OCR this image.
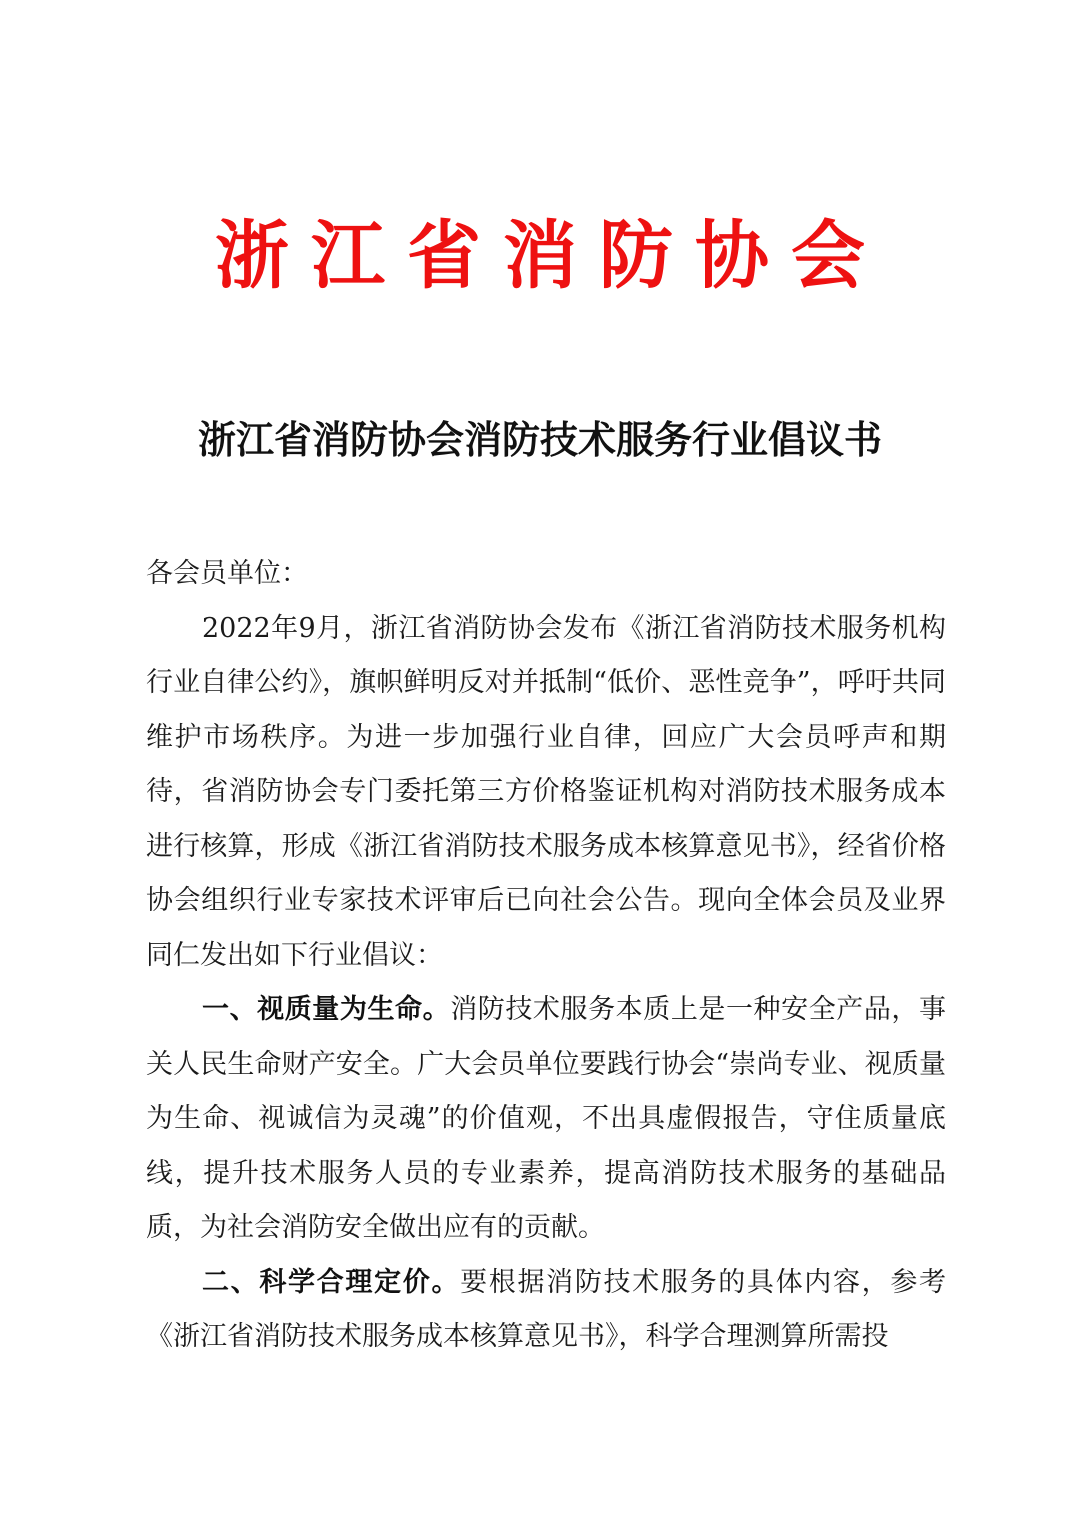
浙江省消防协会
浙江省消防协会消防技术服务行业倡议书

各会员单位：

2022年9月，浙江省消防协会发布《浙江省消防技术服务机构行业自律公约》，旗帜鲜明反对并抵制“低价、恶性竞争”，呼吁共同维护市场秩序。为进一步加强行业自律，回应广大会员呼声和期待，省消防协会专门委托第三方价格鉴证机构对消防技术服务成本进行核算，形成《浙江省消防技术服务成本核算意见书》，经省价格协会组织行业专家技术评审后已向社会公告。现向全体会员及业界同仁发出如下行业倡议：

一、视质量为生命。消防技术服务本质上是一种安全产品，事关人民生命财产安全。广大会员单位要践行协会“崇尚专业、视质量为生命、视诚信为灵魂”的价值观，不出具虚假报告，守住质量底线，提升技术服务人员的专业素养，提高消防技术服务的基础品质，为社会消防安全做出应有的贡献。

二、科学合理定价。要根据消防技术服务的具体内容，参考《浙江省消防技术服务成本核算意见书》，科学合理测算所需投
